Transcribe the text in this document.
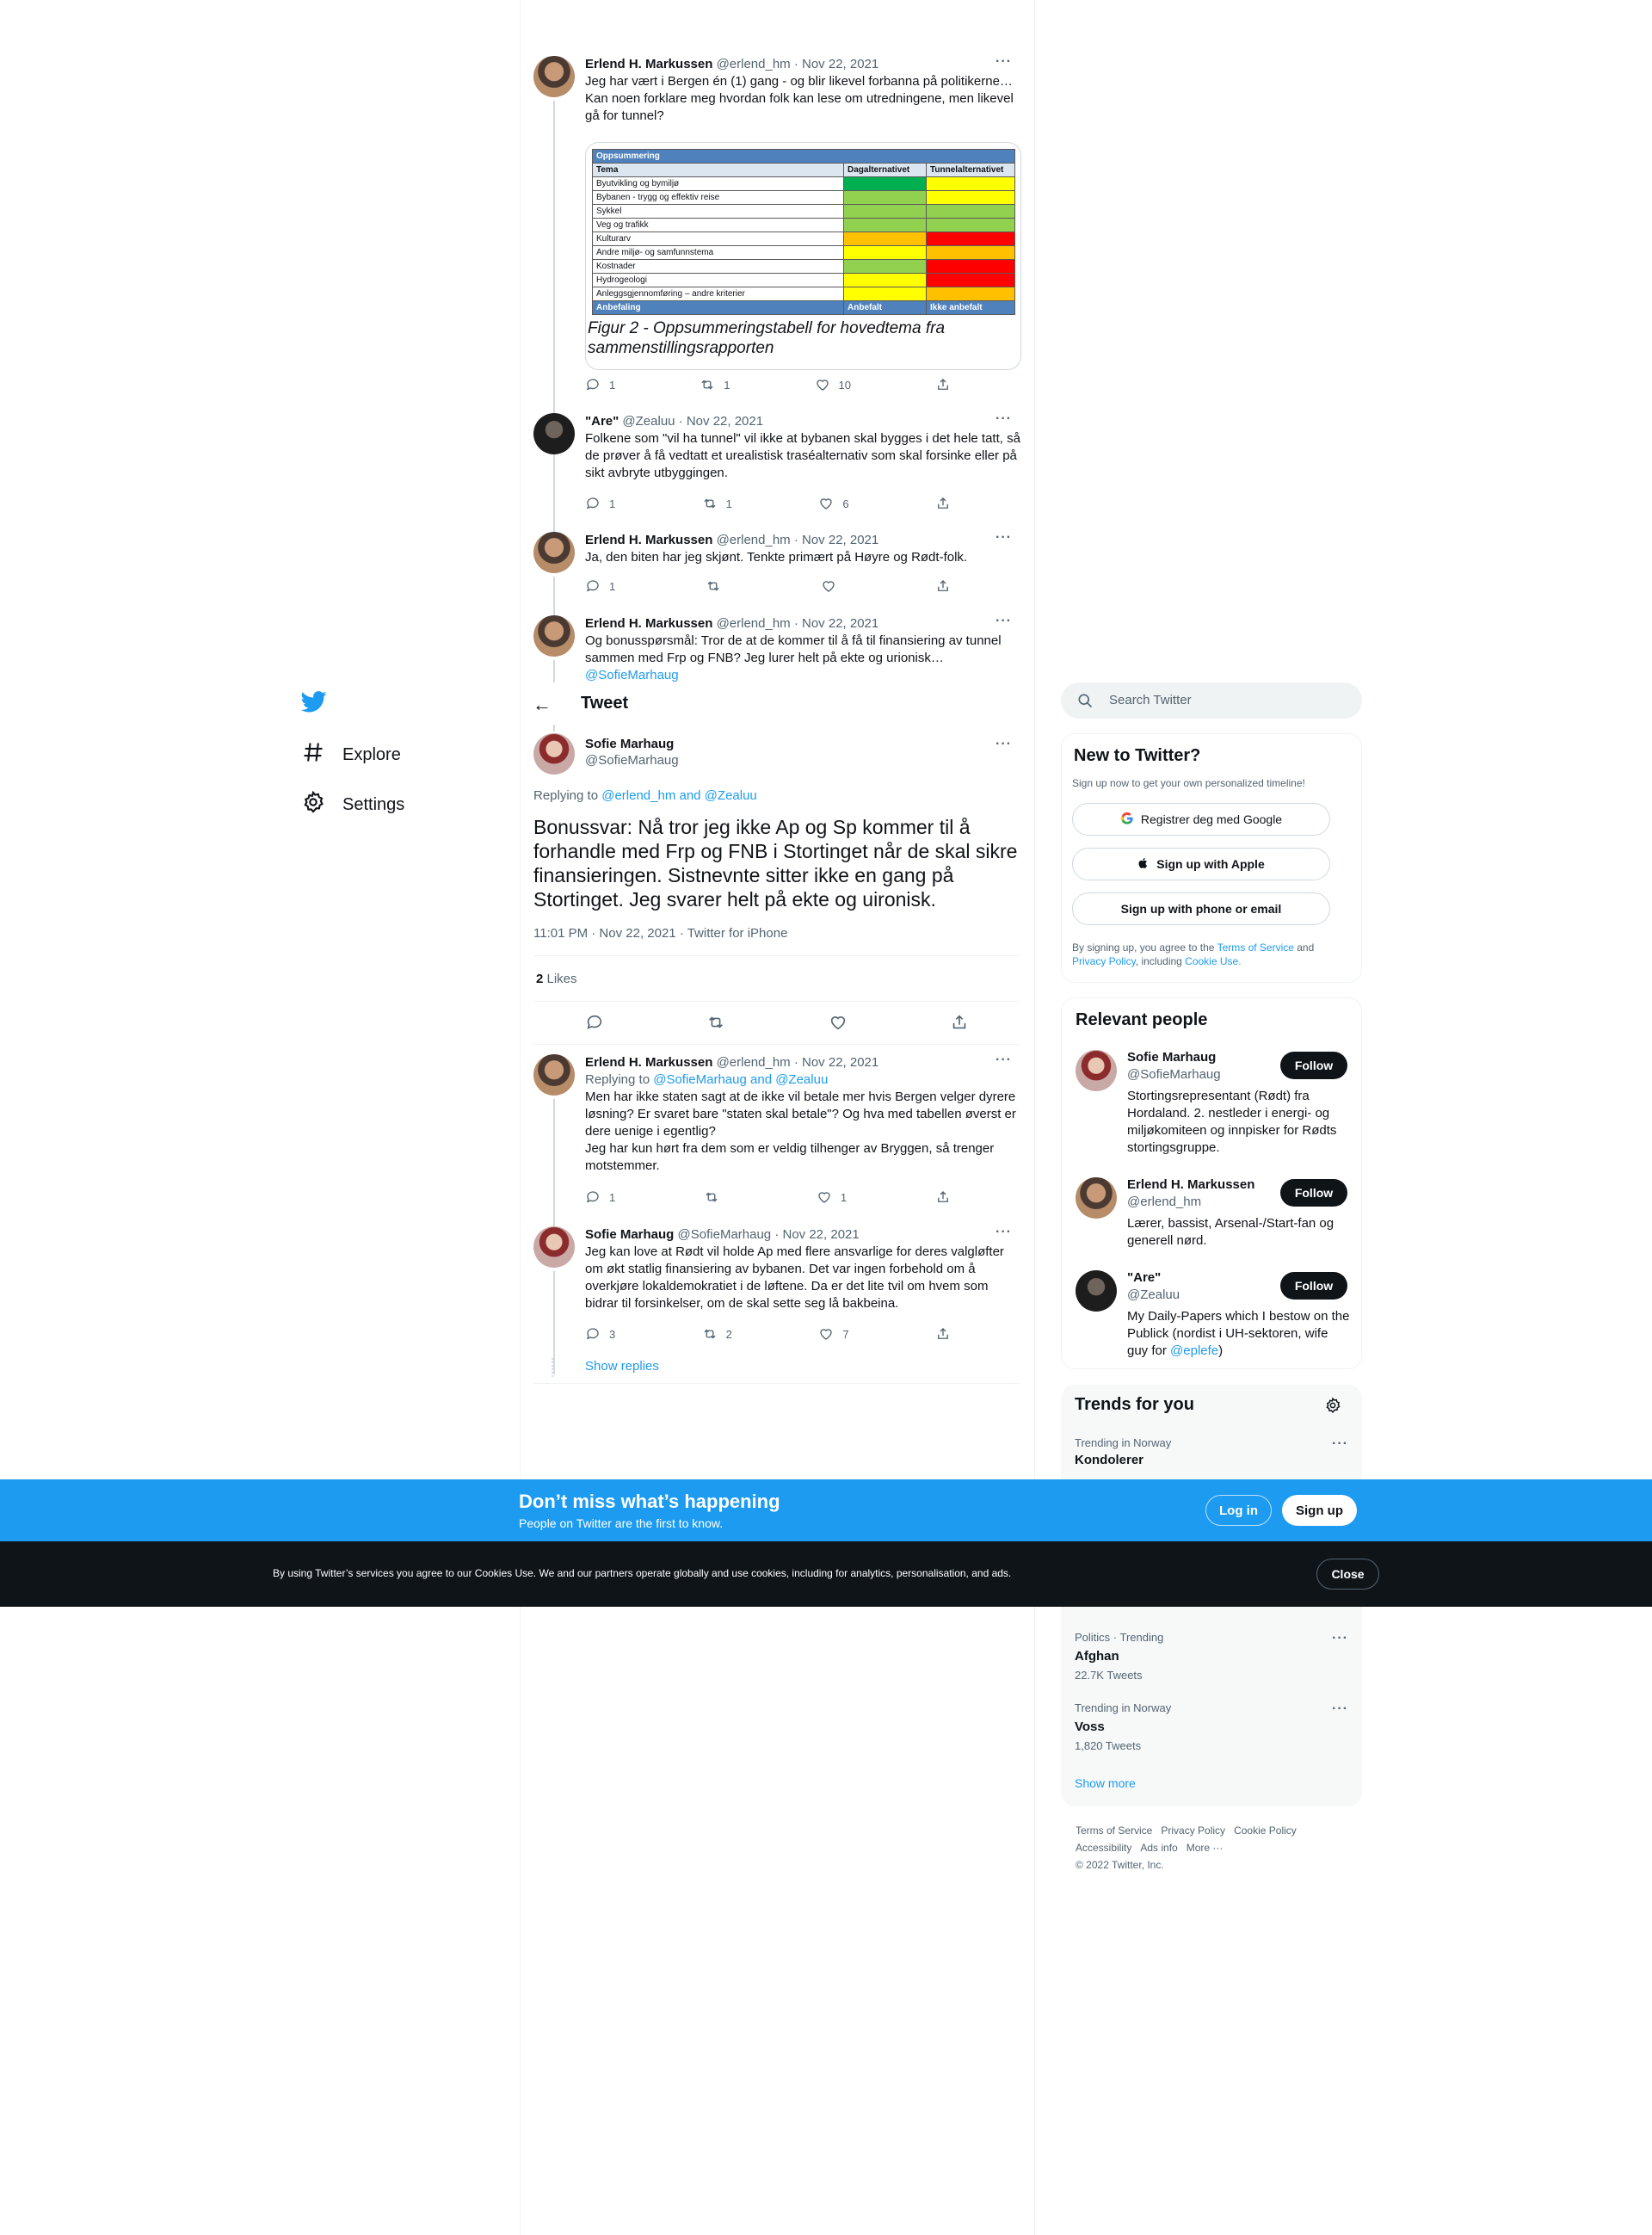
Explore
Settings
Erlend H. Markussen @erlend_hm · Nov 22, 2021
Jeg har vært i Bergen én (1) gang - og blir likevel forbanna på politikerne…
Kan noen forklare meg hvordan folk kan lese om utredningene, men likevel gå for tunnel?
···
Oppsummering		
Tema	Dagalternativet	Tunnelalternativet
Byutvikling og bymiljø		
Bybanen - trygg og effektiv reise		
Sykkel		
Veg og trafikk		
Kulturarv		
Andre miljø- og samfunnstema		
Kostnader		
Hydrogeologi		
Anleggsgjennomføring – andre kriterier		
Anbefaling	Anbefalt	Ikke anbefalt
Figur 2 - Oppsummeringstabell for hovedtema fra sammenstillingsrapporten
1	1	10
"Are" @Zealuu · Nov 22, 2021
Folkene som "vil ha tunnel" vil ikke at bybanen skal bygges i det hele tatt, så de prøver å få vedtatt et urealistisk traséalternativ som skal forsinke eller på sikt avbryte utbyggingen.
···
1	1	6
Erlend H. Markussen @erlend_hm · Nov 22, 2021
Ja, den biten har jeg skjønt. Tenkte primært på Høyre og Rødt-folk.
···
1
Erlend H. Markussen @erlend_hm · Nov 22, 2021
Og bonusspørsmål: Tror de at de kommer til å få til finansiering av tunnel sammen med Frp og FNB? Jeg lurer helt på ekte og urionisk…
@SofieMarhaug
···
← Tweet
Sofie Marhaug
@SofieMarhaug
···
Replying to @erlend_hm and @Zealuu
Bonussvar: Nå tror jeg ikke Ap og Sp kommer til å forhandle med Frp og FNB i Stortinget når de skal sikre finansieringen. Sistnevnte sitter ikke en gang på Stortinget. Jeg svarer helt på ekte og uironisk.
11:01 PM · Nov 22, 2021 · Twitter for iPhone
2 Likes
Erlend H. Markussen @erlend_hm · Nov 22, 2021
Replying to @SofieMarhaug and @Zealuu
Men har ikke staten sagt at de ikke vil betale mer hvis Bergen velger dyrere løsning? Er svaret bare "staten skal betale"? Og hva med tabellen øverst er dere uenige i egentlig?
Jeg har kun hørt fra dem som er veldig tilhenger av Bryggen, så trenger motstemmer.
···
1	1
Sofie Marhaug @SofieMarhaug · Nov 22, 2021
Jeg kan love at Rødt vil holde Ap med flere ansvarlige for deres valgløfter om økt statlig finansiering av bybanen. Det var ingen forbehold om å overkjøre lokaldemokratiet i de løftene. Da er det lite tvil om hvem som bidrar til forsinkelser, om de skal sette seg lå bakbeina.
···
3	2	7
Show replies
Search Twitter
New to Twitter?
Sign up now to get your own personalized timeline!
Registrer deg med Google
Sign up with Apple
Sign up with phone or email
By signing up, you agree to the Terms of Service and Privacy Policy, including Cookie Use.
Relevant people
Sofie Marhaug
@SofieMarhaug
Stortingsrepresentant (Rødt) fra Hordaland. 2. nestleder i energi- og miljøkomiteen og innpisker for Rødts stortingsgruppe.
Follow
Erlend H. Markussen
@erlend_hm
Lærer, bassist, Arsenal-/Start-fan og generell nørd.
Follow
"Are"
@Zealuu
My Daily-Papers which I bestow on the Publick (nordist i UH-sektoren, wife guy for @eplefe)
Follow
Trends for you
Trending in Norway
Kondolerer
···
Politics · Trending
Afghan
22.7K Tweets
···
Trending in Norway
Voss
1,820 Tweets
···
Show more
Terms of Service Privacy Policy Cookie Policy
Accessibility Ads info More ···
© 2022 Twitter, Inc.
Don’t miss what’s happening
People on Twitter are the first to know.
Log in	Sign up
By using Twitter’s services you agree to our Cookies Use. We and our partners operate globally and use cookies, including for analytics, personalisation, and ads.	Close
